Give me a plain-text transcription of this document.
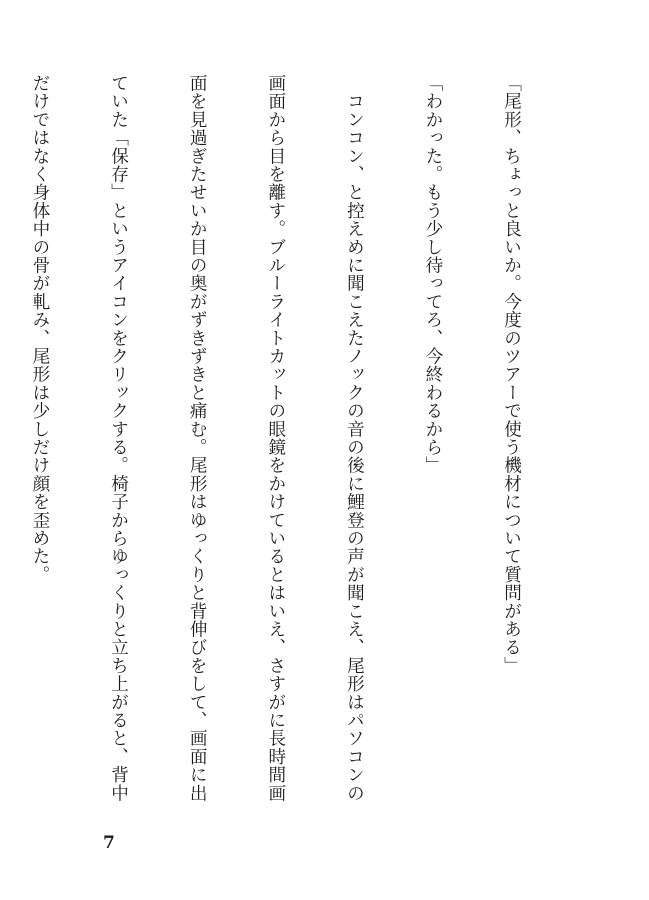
「尾形、ちょっと良いか。今度のツアーで使う機材について質問がある」

「わかった。もう少し待ってろ、今終わるから」

　コンコン、と控えめに聞こえたノックの音の後に鯉登の声が聞こえ、尾形はパソコンの

画面から目を離す。ブルーライトカットの眼鏡をかけているとはいえ、さすがに長時間画

面を見過ぎたせいか目の奥がずきずきと痛む。尾形はゆっくりと背伸びをして、画面に出

ていた「保存」というアイコンをクリックする。椅子からゆっくりと立ち上がると、背中

だけではなく身体中の骨が軋み、尾形は少しだけ顔を歪めた。

7
